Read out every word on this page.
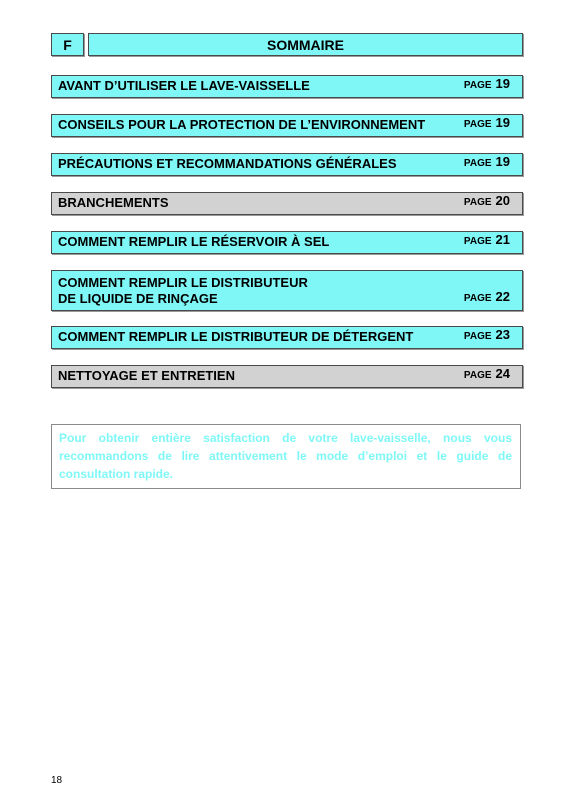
F	SOMMAIRE
AVANT D’UTILISER LE LAVE-VAISSELLE	PAGE 19
CONSEILS POUR LA PROTECTION DE L’ENVIRONNEMENT	PAGE 19
PRÉCAUTIONS ET RECOMMANDATIONS GÉNÉRALES	PAGE 19
BRANCHEMENTS	PAGE 20
COMMENT REMPLIR LE RÉSERVOIR À SEL	PAGE 21
COMMENT REMPLIR LE DISTRIBUTEUR
DE LIQUIDE DE RINÇAGE	PAGE 22
COMMENT REMPLIR LE DISTRIBUTEUR DE DÉTERGENT	PAGE 23
NETTOYAGE ET ENTRETIEN	PAGE 24

Pour obtenir entière satisfaction de votre lave-vaisselle, nous vous recommandons de lire attentivement le mode d’emploi et le guide de consultation rapide.

18
